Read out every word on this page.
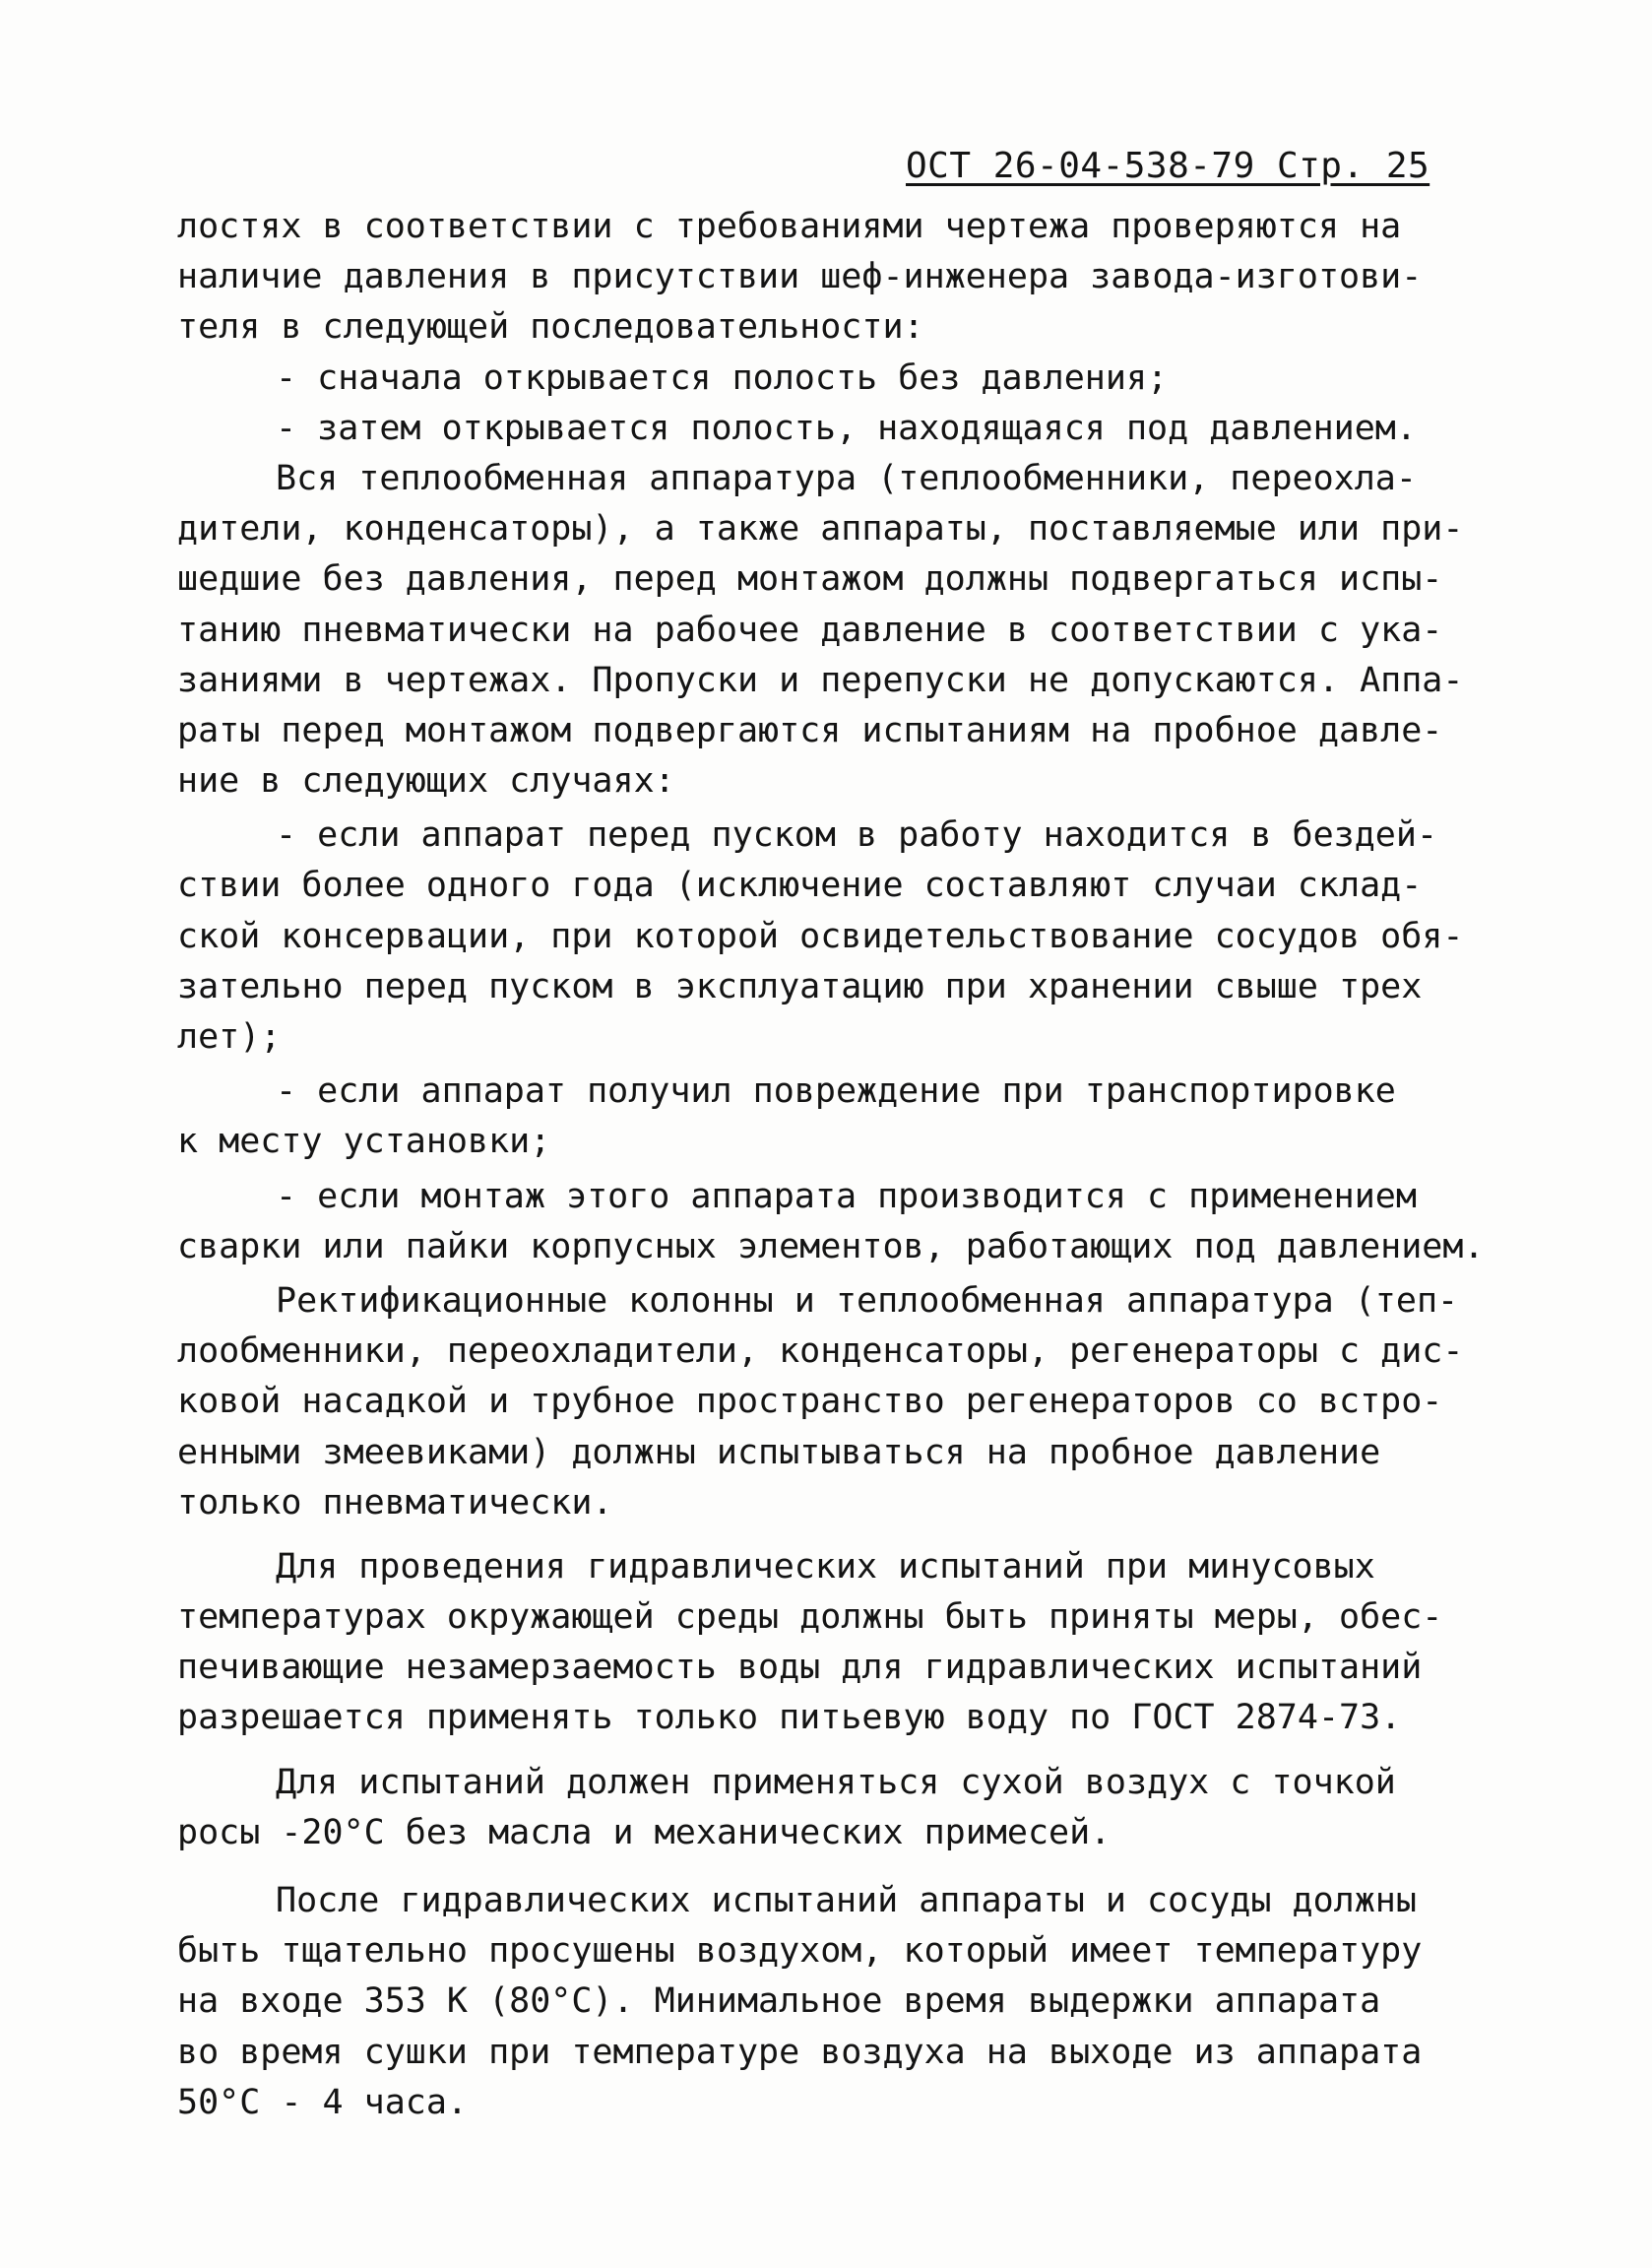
ОСТ 26-04-538-79 Стр. 25
лостях в соответствии с требованиями чертежа проверяются на
наличие давления в присутствии шеф-инженера завода-изготови-
теля в следующей последовательности:
- сначала открывается полость без давления;
- затем открывается полость, находящаяся под давлением.
Вся теплообменная аппаратура (теплообменники, переохла-
дители, конденсаторы), а также аппараты, поставляемые или при-
шедшие без давления, перед монтажом должны подвергаться испы-
танию пневматически на рабочее давление в соответствии с ука-
заниями в чертежах. Пропуски и перепуски не допускаются. Аппа-
раты перед монтажом подвергаются испытаниям на пробное давле-
ние в следующих случаях:
- если аппарат перед пуском в работу находится в бездей-
ствии более одного года (исключение составляют случаи склад-
ской консервации, при которой освидетельствование сосудов обя-
зательно перед пуском в эксплуатацию при хранении свыше трех
лет);
- если аппарат получил повреждение при транспортировке
к месту установки;
- если монтаж этого аппарата производится с применением
сварки или пайки корпусных элементов, работающих под давлением.
Ректификационные колонны и теплообменная аппаратура (теп-
лообменники, переохладители, конденсаторы, регенераторы с дис-
ковой насадкой и трубное пространство регенераторов со встро-
енными змеевиками) должны испытываться на пробное давление
только пневматически.
Для проведения гидравлических испытаний при минусовых
температурах окружающей среды должны быть приняты меры, обес-
печивающие незамерзаемость воды для гидравлических испытаний
разрешается применять только питьевую воду по ГОСТ 2874-73.
Для испытаний должен применяться сухой воздух с точкой
росы -20°С без масла и механических примесей.
После гидравлических испытаний аппараты и сосуды должны
быть тщательно просушены воздухом, который имеет температуру
на входе 353 К (80°С). Минимальное время выдержки аппарата
во время сушки при температуре воздуха на выходе из аппарата
50°С - 4 часа.
